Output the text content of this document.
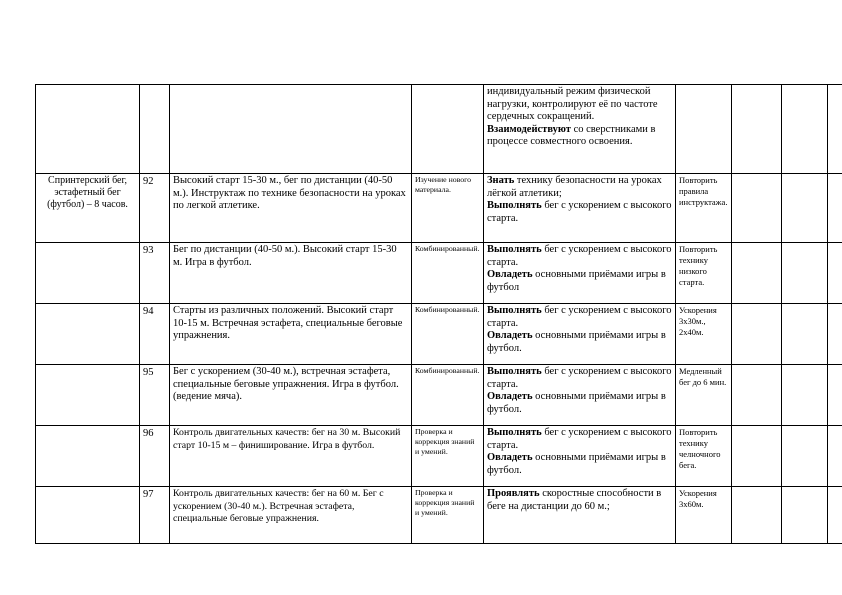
				индивидуальный режим физической нагрузки, контролируют её по частоте сердечных сокращений.
Взаимодействуют со сверстниками в процессе совместного освоения.				

Спринтерский бег, эстафетный бег (футбол) – 8 часов.	92	Высокий старт 15-30 м., бег по дистанции (40-50 м.). Инструктаж по технике безопасности на уроках по легкой атлетике.	Изучение нового материала.	Знать технику безопасности на уроках лёгкой атлетики;
Выполнять бег с ускорением с высокого старта.	Повторить правила инструктажа.			
	93	Бег по дистанции (40-50 м.). Высокий старт 15-30 м. Игра в футбол.	Комбинированный.	Выполнять бег с ускорением с высокого старта.
Овладеть основными приёмами игры в футбол	Повторить технику низкого старта.			
	94	Старты из различных положений. Высокий старт 10-15 м. Встречная эстафета, специальные беговые упражнения.	Комбинированный.	Выполнять бег с ускорением с высокого старта.
Овладеть основными приёмами игры в футбол.	Ускорения 3х30м., 2х40м.			
	95	Бег с ускорением (30-40 м.), встречная эстафета, специальные беговые упражнения. Игра в футбол. (ведение мяча).	Комбинированный.	Выполнять бег с ускорением с высокого старта.
Овладеть основными приёмами игры в футбол.	Медленный бег до 6 мин.			
	96	Контроль двигательных качеств: бег на 30 м. Высокий старт 10-15 м – финиширование. Игра в футбол.	Проверка и коррекция знаний и умений.	Выполнять бег с ускорением с высокого старта.
Овладеть основными приёмами игры в футбол.	Повторить технику челночного бега.			
	97	Контроль двигательных качеств: бег на 60 м. Бег с ускорением (30-40 м.). Встречная эстафета, специальные беговые упражнения.	Проверка и коррекция знаний и умений.	Проявлять скоростные способности в беге на дистанции до 60 м.;	Ускорения 3х60м.			
